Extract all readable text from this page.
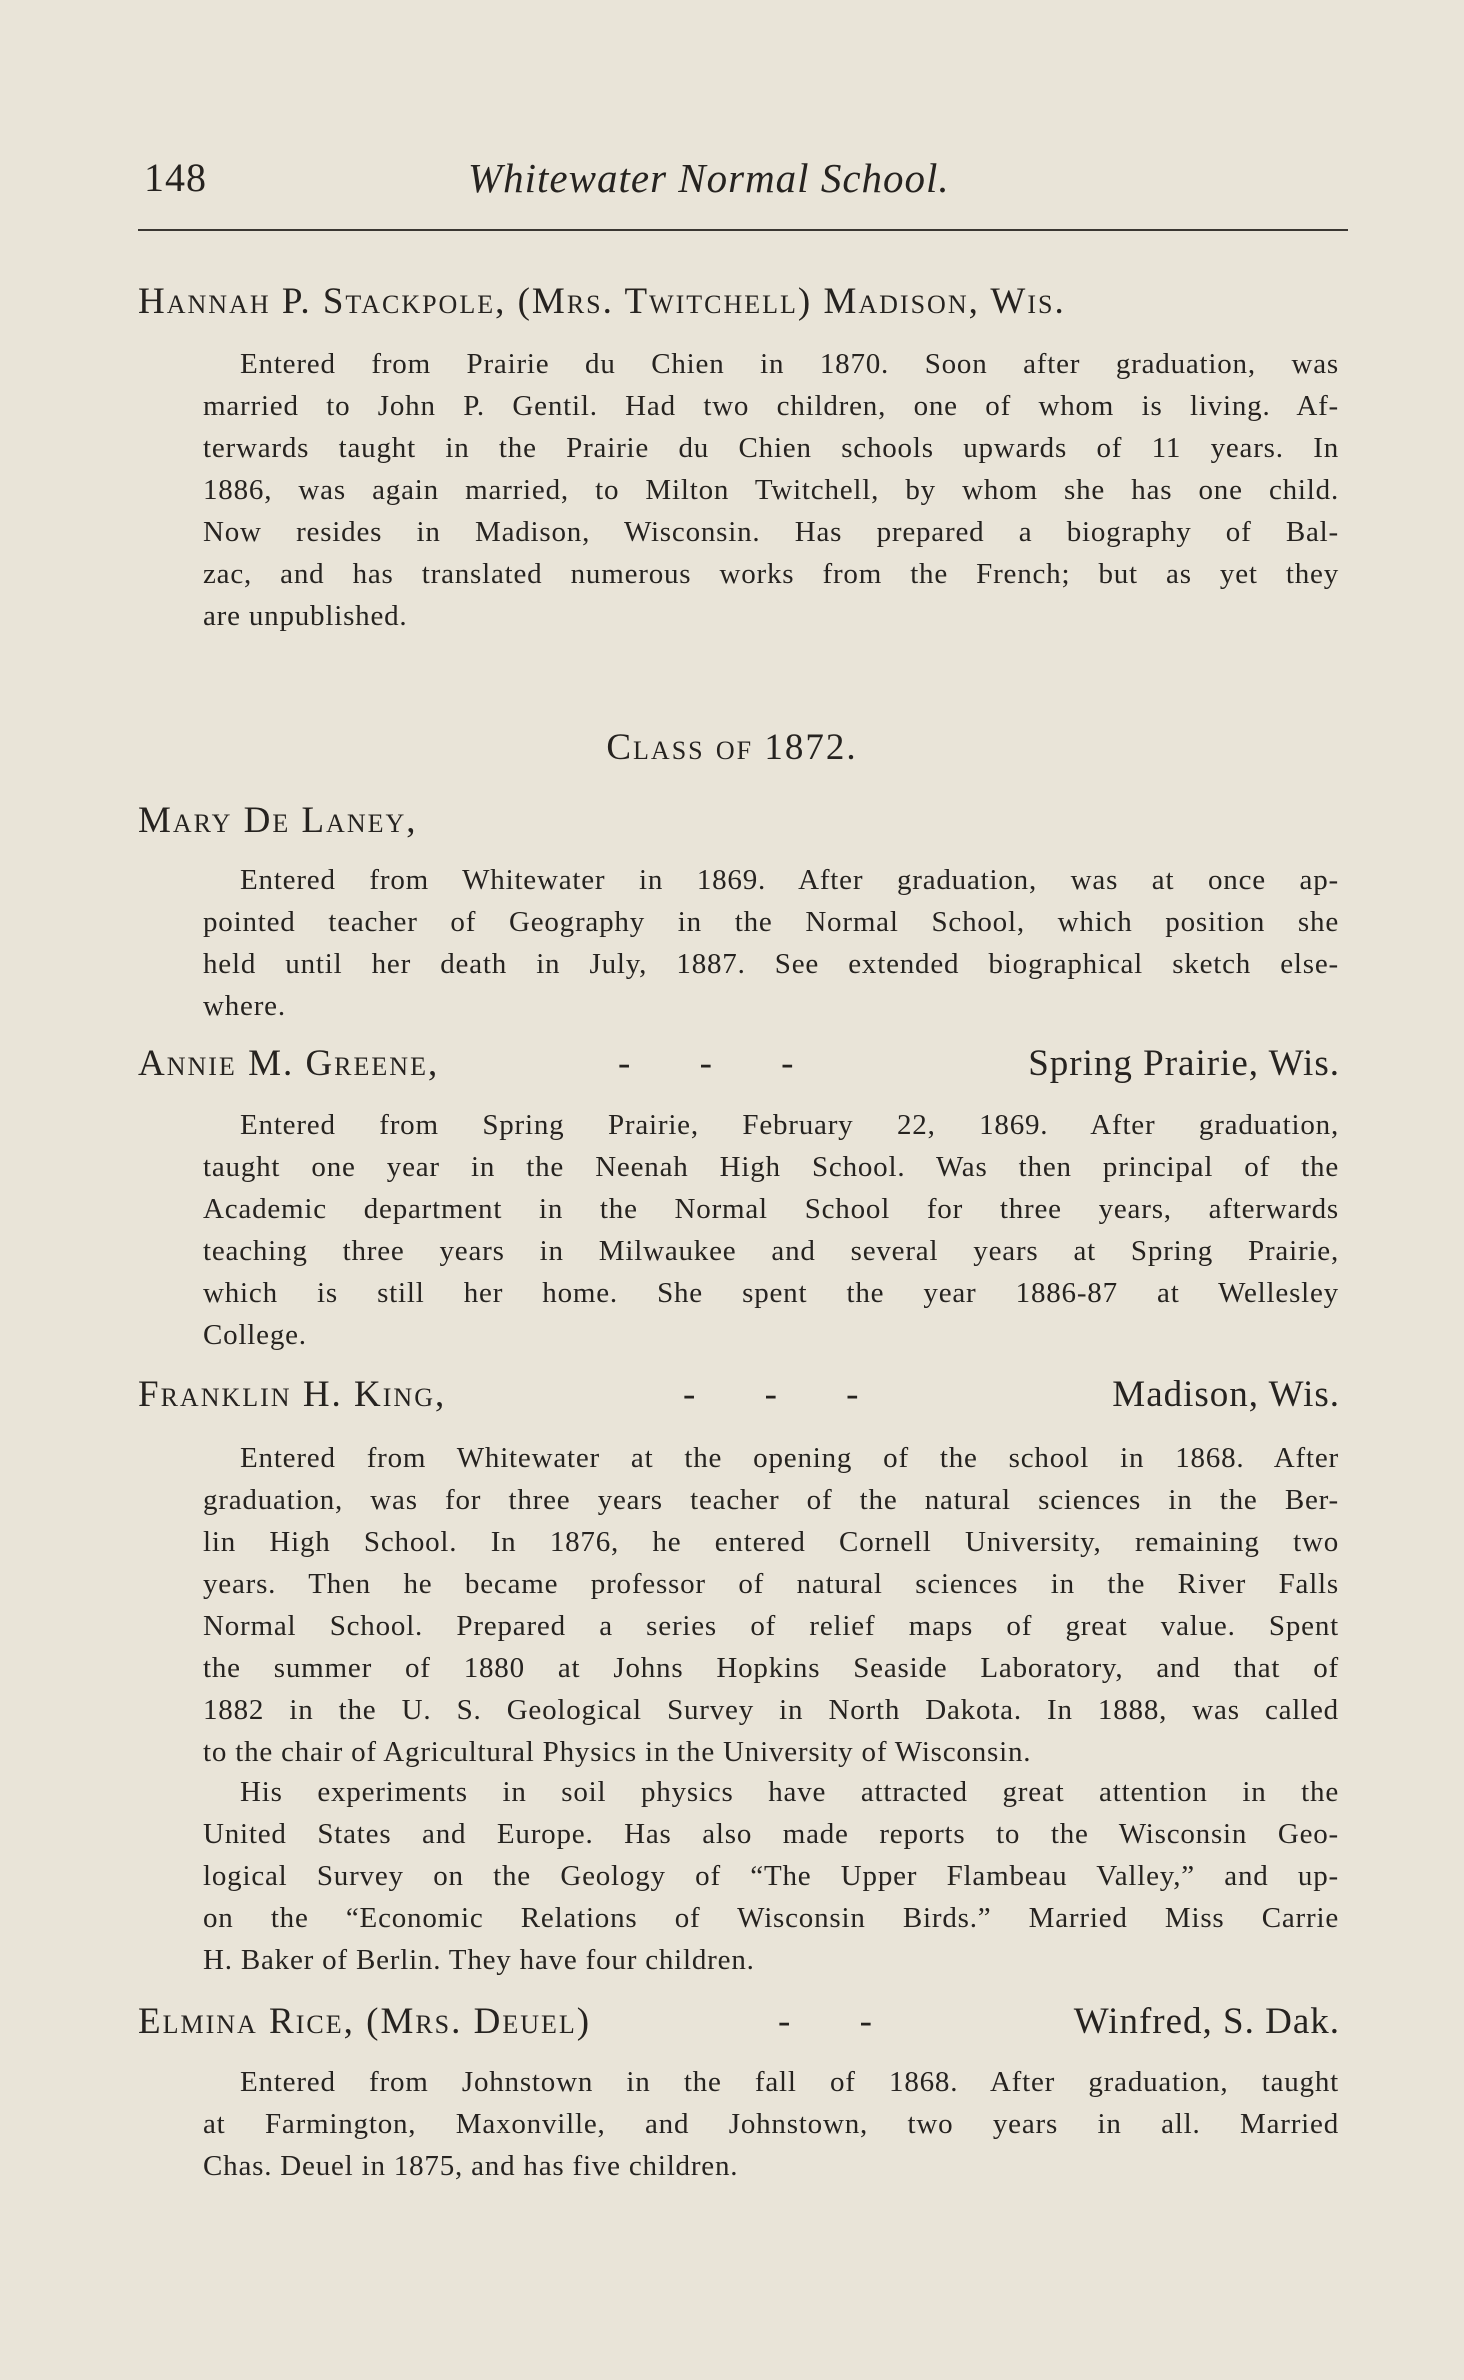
148	Whitewater Normal School.
Hannah P. Stackpole, (Mrs. Twitchell) Madison, Wis.
Entered from Prairie du Chien in 1870. Soon after graduation, was
married to John P. Gentil. Had two children, one of whom is living. Af-
terwards taught in the Prairie du Chien schools upwards of 11 years. In
1886, was again married, to Milton Twitchell, by whom she has one child.
Now resides in Madison, Wisconsin. Has prepared a biography of Bal-
zac, and has translated numerous works from the French; but as yet they
are unpublished.
Class of 1872.
Mary De Laney,
Entered from Whitewater in 1869. After graduation, was at once ap-
pointed teacher of Geography in the Normal School, which position she
held until her death in July, 1887. See extended biographical sketch else-
where.
Annie M. Greene,	- - -	Spring Prairie, Wis.
Entered from Spring Prairie, February 22, 1869. After graduation,
taught one year in the Neenah High School. Was then principal of the
Academic department in the Normal School for three years, afterwards
teaching three years in Milwaukee and several years at Spring Prairie,
which is still her home. She spent the year 1886-87 at Wellesley
College.
Franklin H. King,	- - -	Madison, Wis.
Entered from Whitewater at the opening of the school in 1868. After
graduation, was for three years teacher of the natural sciences in the Ber-
lin High School. In 1876, he entered Cornell University, remaining two
years. Then he became professor of natural sciences in the River Falls
Normal School. Prepared a series of relief maps of great value. Spent
the summer of 1880 at Johns Hopkins Seaside Laboratory, and that of
1882 in the U. S. Geological Survey in North Dakota. In 1888, was called
to the chair of Agricultural Physics in the University of Wisconsin.
His experiments in soil physics have attracted great attention in the
United States and Europe. Has also made reports to the Wisconsin Geo-
logical Survey on the Geology of “The Upper Flambeau Valley,” and up-
on the “Economic Relations of Wisconsin Birds.” Married Miss Carrie
H. Baker of Berlin. They have four children.
Elmina Rice, (Mrs. Deuel)	- -	Winfred, S. Dak.
Entered from Johnstown in the fall of 1868. After graduation, taught
at Farmington, Maxonville, and Johnstown, two years in all. Married
Chas. Deuel in 1875, and has five children.
